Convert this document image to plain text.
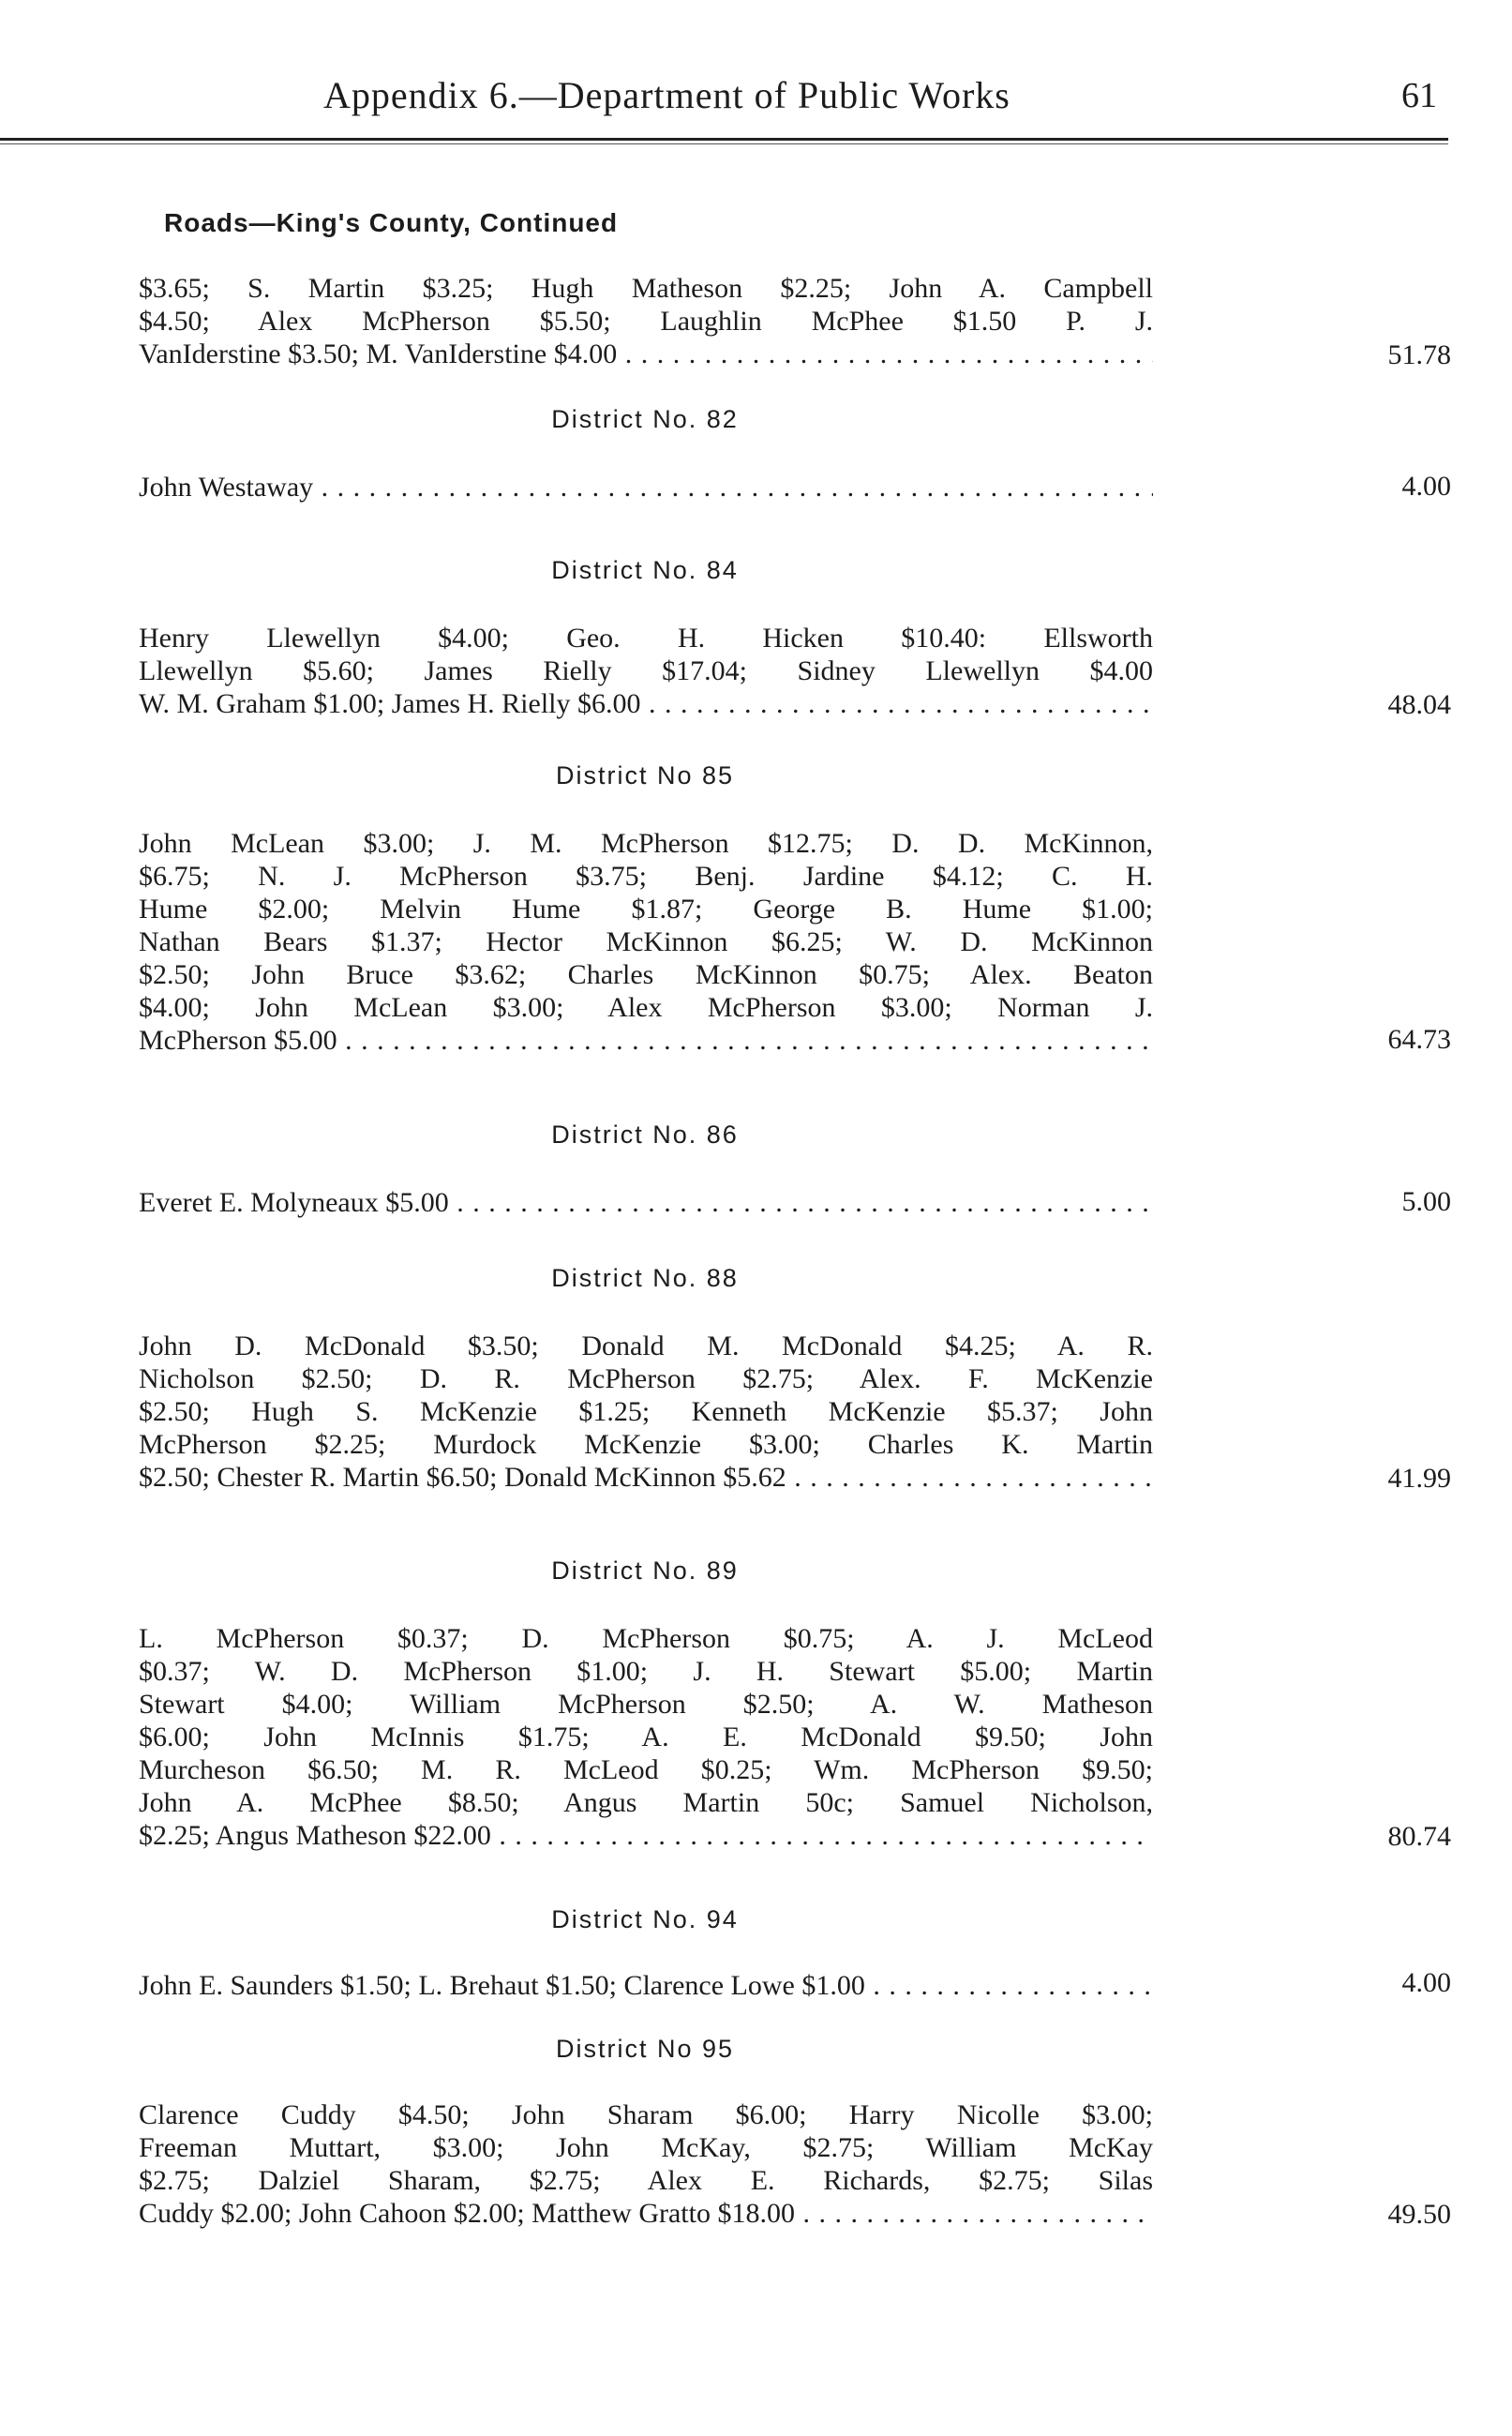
Appendix 6.—Department of Public Works	61
Roads—King's County, Continued
$3.65; S. Martin $3.25; Hugh Matheson $2.25; John A. Campbell
$4.50; Alex McPherson $5.50; Laughlin McPhee $1.50 P. J.
VanIderstine $3.50; M. VanIderstine $4.00 . . .	51.78
District No. 82
John Westaway . . .	4.00
District No. 84
Henry Llewellyn $4.00; Geo. H. Hicken $10.40: Ellsworth
Llewellyn $5.60; James Rielly $17.04; Sidney Llewellyn $4.00
W. M. Graham $1.00; James H. Rielly $6.00 . . .	48.04
District No 85
John McLean $3.00; J. M. McPherson $12.75; D. D. McKinnon,
$6.75; N. J. McPherson $3.75; Benj. Jardine $4.12; C. H.
Hume $2.00; Melvin Hume $1.87; George B. Hume $1.00;
Nathan Bears $1.37; Hector McKinnon $6.25; W. D. McKinnon
$2.50; John Bruce $3.62; Charles McKinnon $0.75; Alex. Beaton
$4.00; John McLean $3.00; Alex McPherson $3.00; Norman J.
McPherson $5.00 . . .	64.73
District No. 86
Everet E. Molyneaux $5.00 . . .	5.00
District No. 88
John D. McDonald $3.50; Donald M. McDonald $4.25; A. R.
Nicholson $2.50; D. R. McPherson $2.75; Alex. F. McKenzie
$2.50; Hugh S. McKenzie $1.25; Kenneth McKenzie $5.37; John
McPherson $2.25; Murdock McKenzie $3.00; Charles K. Martin
$2.50; Chester R. Martin $6.50; Donald McKinnon $5.62 . . .	41.99
District No. 89
L. McPherson $0.37; D. McPherson $0.75; A. J. McLeod
$0.37; W. D. McPherson $1.00; J. H. Stewart $5.00; Martin
Stewart $4.00; William McPherson $2.50; A. W. Matheson
$6.00; John McInnis $1.75; A. E. McDonald $9.50; John
Murcheson $6.50; M. R. McLeod $0.25; Wm. McPherson $9.50;
John A. McPhee $8.50; Angus Martin 50c; Samuel Nicholson,
$2.25; Angus Matheson $22.00 . . .	80.74
District No. 94
John E. Saunders $1.50; L. Brehaut $1.50; Clarence Lowe $1.00 . . .	4.00
District No 95
Clarence Cuddy $4.50; John Sharam $6.00; Harry Nicolle $3.00;
Freeman Muttart, $3.00; John McKay, $2.75; William McKay
$2.75; Dalziel Sharam, $2.75; Alex E. Richards, $2.75; Silas
Cuddy $2.00; John Cahoon $2.00; Matthew Gratto $18.00 . . .	49.50
